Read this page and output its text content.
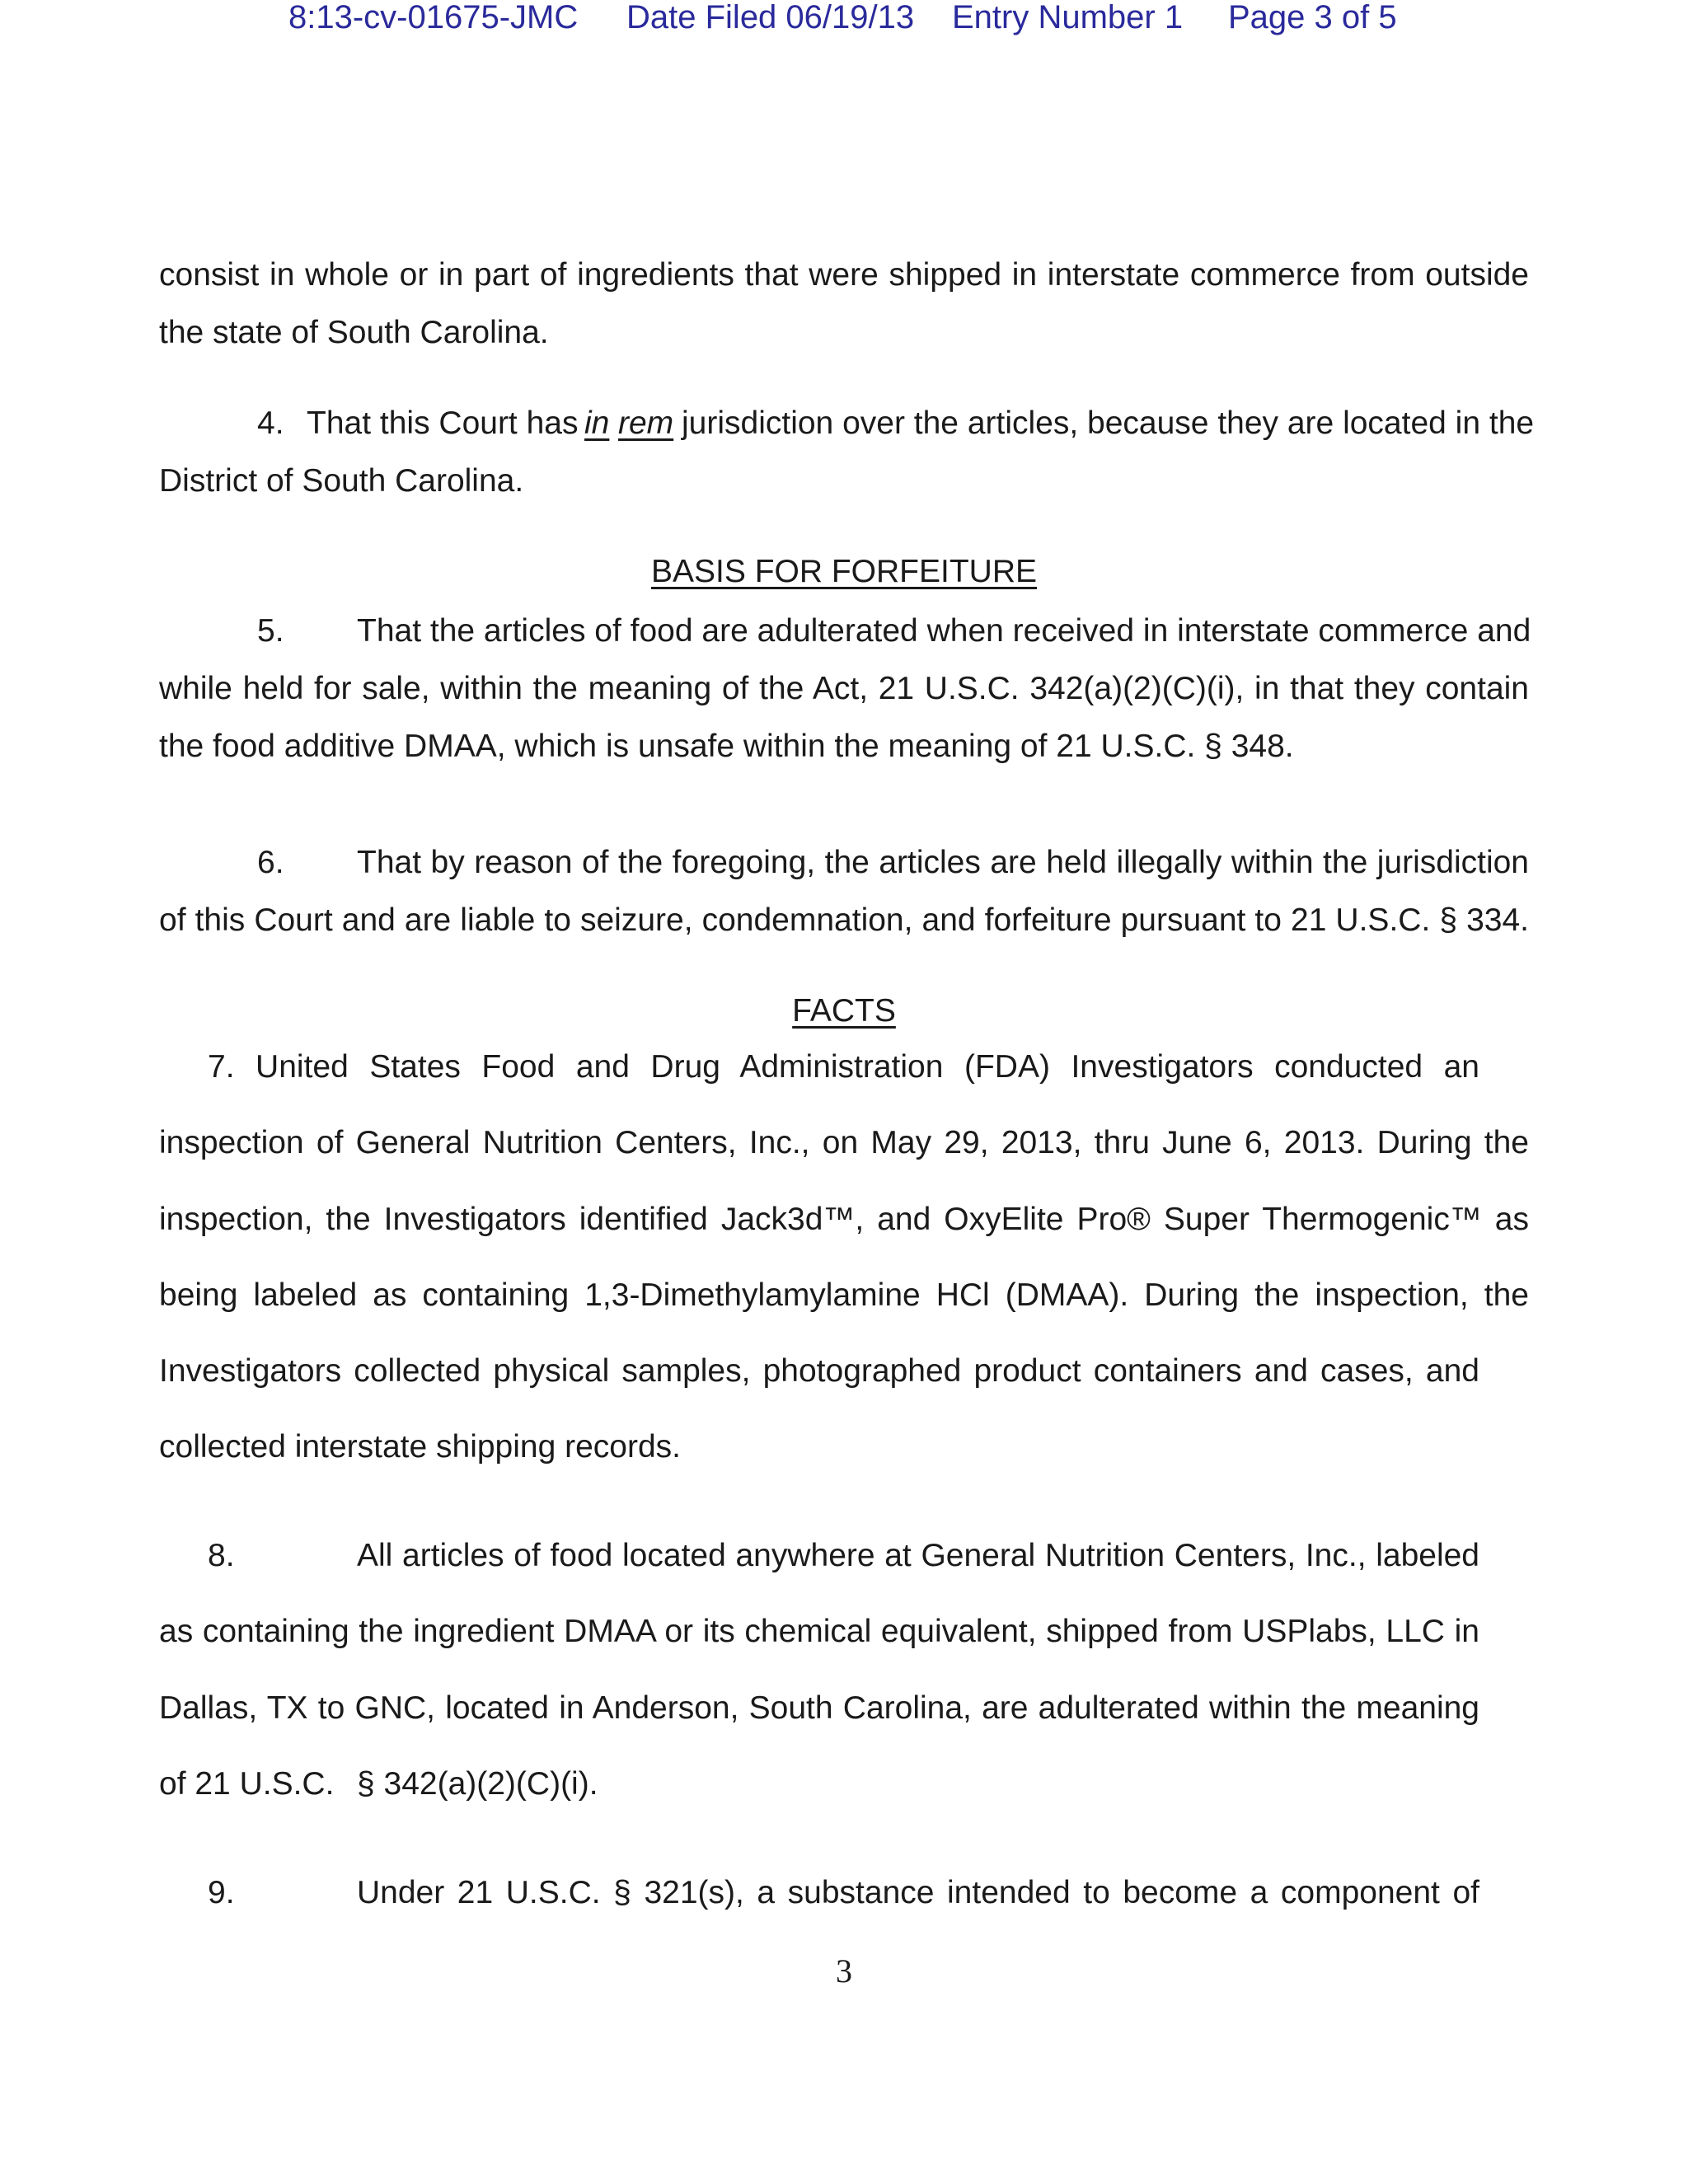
8:13-cv-01675-JMC Date Filed 06/19/13 Entry Number 1 Page 3 of 5
consist in whole or in part of ingredients that were shipped in interstate commerce from outside
the state of South Carolina.
4. That this Court has in rem jurisdiction over the articles, because they are located in the
District of South Carolina.
BASIS FOR FORFEITURE
5. That the articles of food are adulterated when received in interstate commerce and
while held for sale, within the meaning of the Act, 21 U.S.C. 342(a)(2)(C)(i), in that they contain
the food additive DMAA, which is unsafe within the meaning of 21 U.S.C. § 348.
6. That by reason of the foregoing, the articles are held illegally within the jurisdiction
of this Court and are liable to seizure, condemnation, and forfeiture pursuant to 21 U.S.C. § 334.
FACTS
7. United States Food and Drug Administration (FDA) Investigators conducted an
inspection of General Nutrition Centers, Inc., on May 29, 2013, thru June 6, 2013. During the
inspection, the Investigators identified Jack3d™, and OxyElite Pro® Super Thermogenic™ as
being labeled as containing 1,3-Dimethylamylamine HCl (DMAA). During the inspection, the
Investigators collected physical samples, photographed product containers and cases, and
collected interstate shipping records.
8.	All articles of food located anywhere at General Nutrition Centers, Inc., labeled
as containing the ingredient DMAA or its chemical equivalent, shipped from USPlabs, LLC in
Dallas, TX to GNC, located in Anderson, South Carolina, are adulterated within the meaning
of 21 U.S.C. § 342(a)(2)(C)(i).
9.	Under 21 U.S.C. § 321(s), a substance intended to become a component of
3
